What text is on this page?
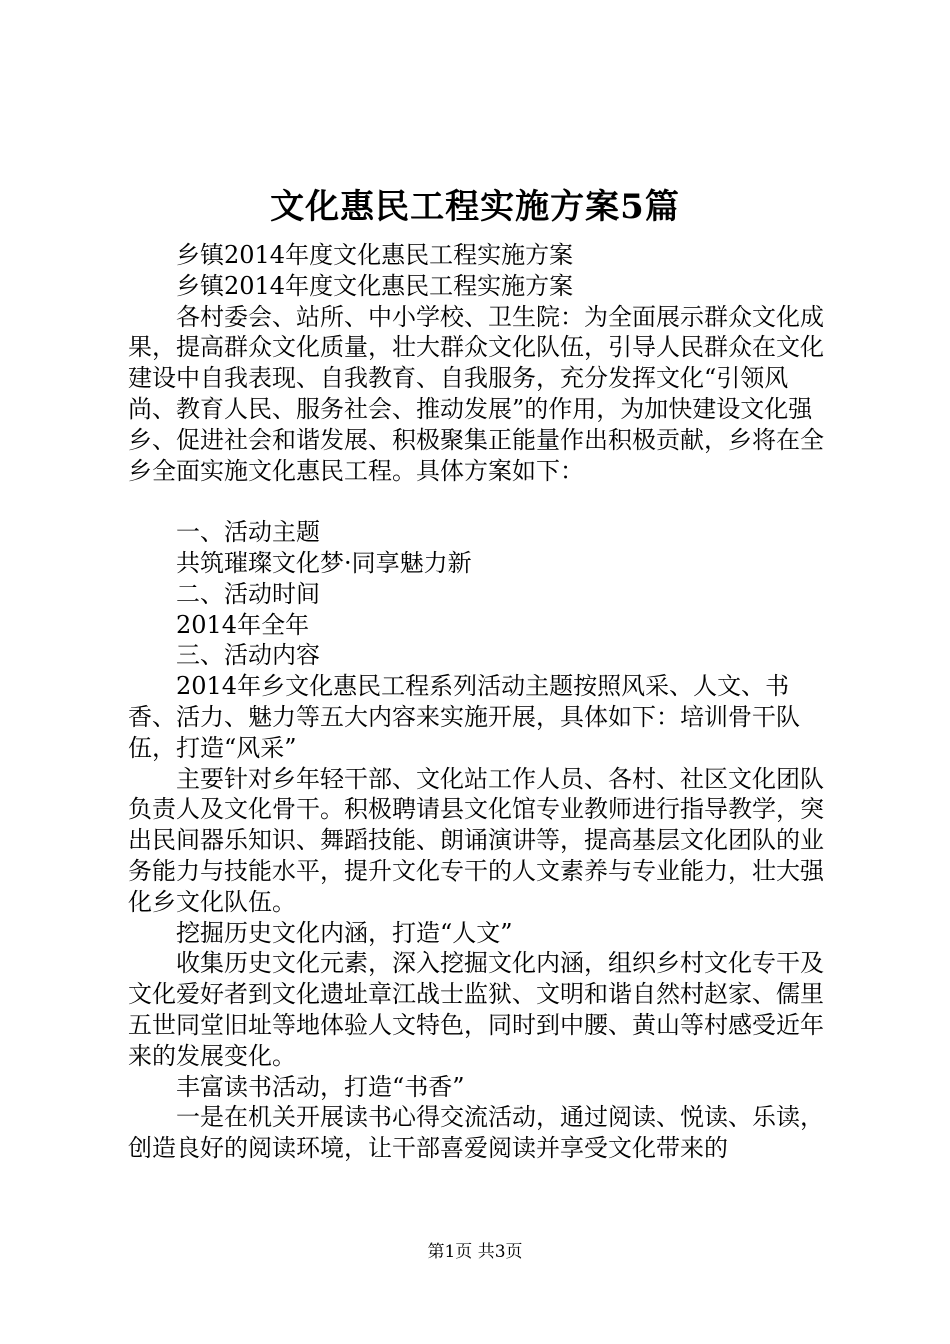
文化惠民工程实施方案5篇

乡镇2014年度文化惠民工程实施方案

乡镇2014年度文化惠民工程实施方案

各村委会、站所、中小学校、卫生院：为全面展示群众文化成果，提高群众文化质量，壮大群众文化队伍，引导人民群众在文化建设中自我表现、自我教育、自我服务，充分发挥文化“引领风尚、教育人民、服务社会、推动发展”的作用，为加快建设文化强乡、促进社会和谐发展、积极聚集正能量作出积极贡献，乡将在全乡全面实施文化惠民工程。具体方案如下：

一、活动主题

共筑璀璨文化梦·同享魅力新

二、活动时间

2014年全年

三、活动内容

2014年乡文化惠民工程系列活动主题按照风采、人文、书香、活力、魅力等五大内容来实施开展，具体如下：培训骨干队伍，打造“风采”

主要针对乡年轻干部、文化站工作人员、各村、社区文化团队负责人及文化骨干。积极聘请县文化馆专业教师进行指导教学，突出民间器乐知识、舞蹈技能、朗诵演讲等，提高基层文化团队的业务能力与技能水平，提升文化专干的人文素养与专业能力，壮大强化乡文化队伍。

挖掘历史文化内涵，打造“人文”

收集历史文化元素，深入挖掘文化内涵，组织乡村文化专干及文化爱好者到文化遗址章江战士监狱、文明和谐自然村赵家、儒里五世同堂旧址等地体验人文特色，同时到中腰、黄山等村感受近年来的发展变化。

丰富读书活动，打造“书香”

一是在机关开展读书心得交流活动，通过阅读、悦读、乐读，创造良好的阅读环境，让干部喜爱阅读并享受文化带来的

第1页 共3页
